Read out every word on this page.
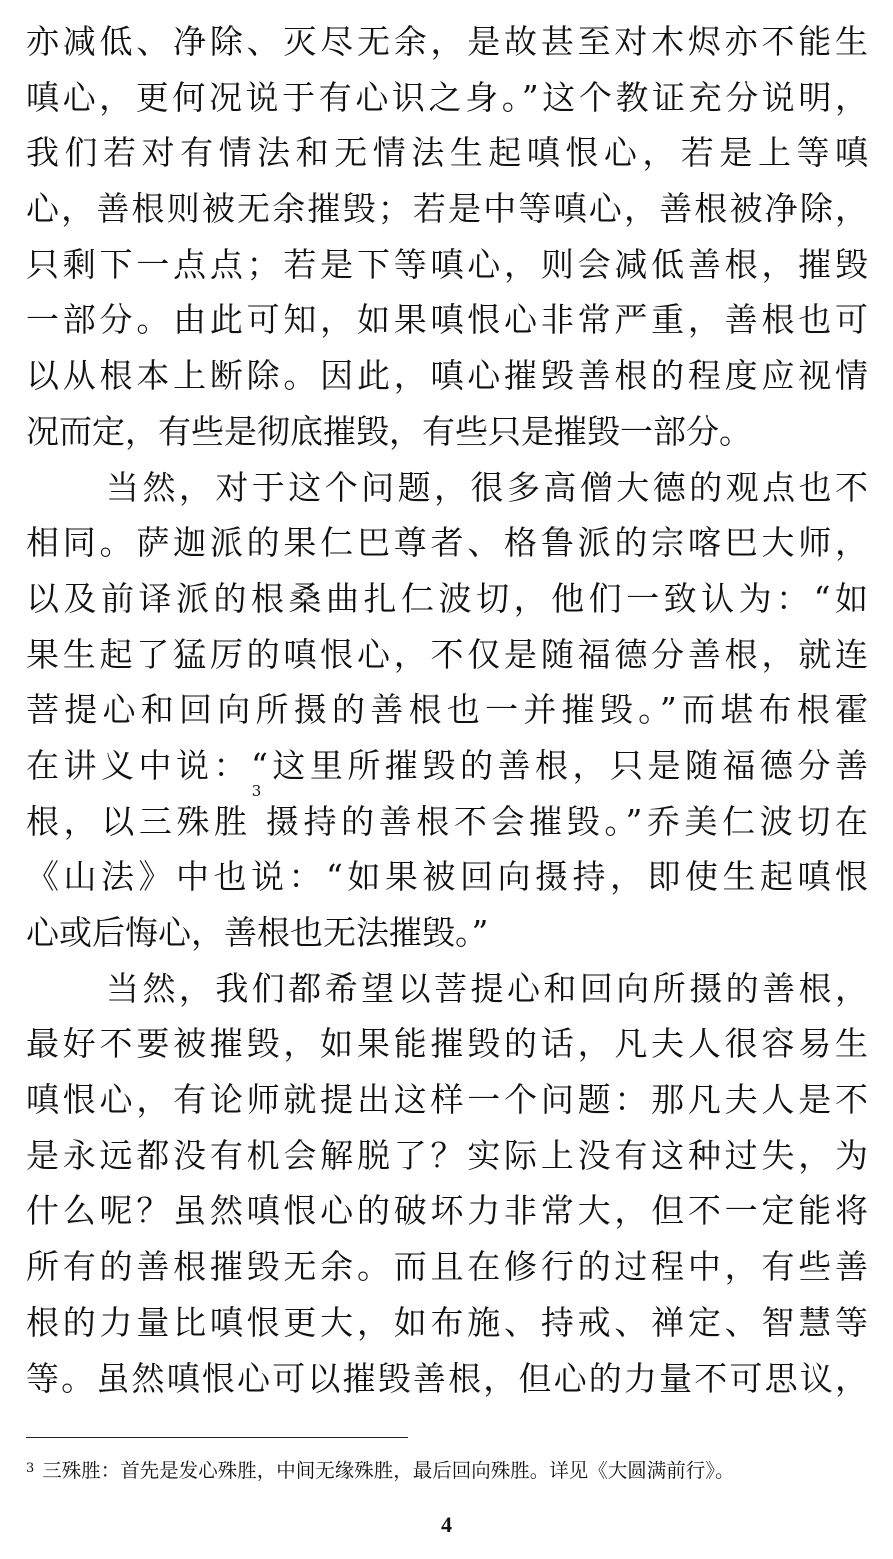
亦减低、净除、灭尽无余，是故甚至对木烬亦不能生
嗔心，更何况说于有心识之身。”这个教证充分说明，
我们若对有情法和无情法生起嗔恨心，若是上等嗔
心，善根则被无余摧毁；若是中等嗔心，善根被净除，
只剩下一点点；若是下等嗔心，则会减低善根，摧毁
一部分。由此可知，如果嗔恨心非常严重，善根也可
以从根本上断除。因此，嗔心摧毁善根的程度应视情
况而定，有些是彻底摧毁，有些只是摧毁一部分。
当然，对于这个问题，很多高僧大德的观点也不
相同。萨迦派的果仁巴尊者、格鲁派的宗喀巴大师，
以及前译派的根桑曲扎仁波切，他们一致认为：“如
果生起了猛厉的嗔恨心，不仅是随福德分善根，就连
菩提心和回向所摄的善根也一并摧毁。”而堪布根霍
在讲义中说：“这里所摧毁的善根，只是随福德分善
根，以三殊胜$^3$摄持的善根不会摧毁。”乔美仁波切在
《山法》中也说：“如果被回向摄持，即使生起嗔恨
心或后悔心，善根也无法摧毁。”
当然，我们都希望以菩提心和回向所摄的善根，
最好不要被摧毁，如果能摧毁的话，凡夫人很容易生
嗔恨心，有论师就提出这样一个问题：那凡夫人是不
是永远都没有机会解脱了？实际上没有这种过失，为
什么呢？虽然嗔恨心的破坏力非常大，但不一定能将
所有的善根摧毁无余。而且在修行的过程中，有些善
根的力量比嗔恨更大，如布施、持戒、禅定、智慧等
等。虽然嗔恨心可以摧毁善根，但心的力量不可思议，
$^3$ 三殊胜：首先是发心殊胜，中间无缘殊胜，最后回向殊胜。详见《大圆满前行》。
4
